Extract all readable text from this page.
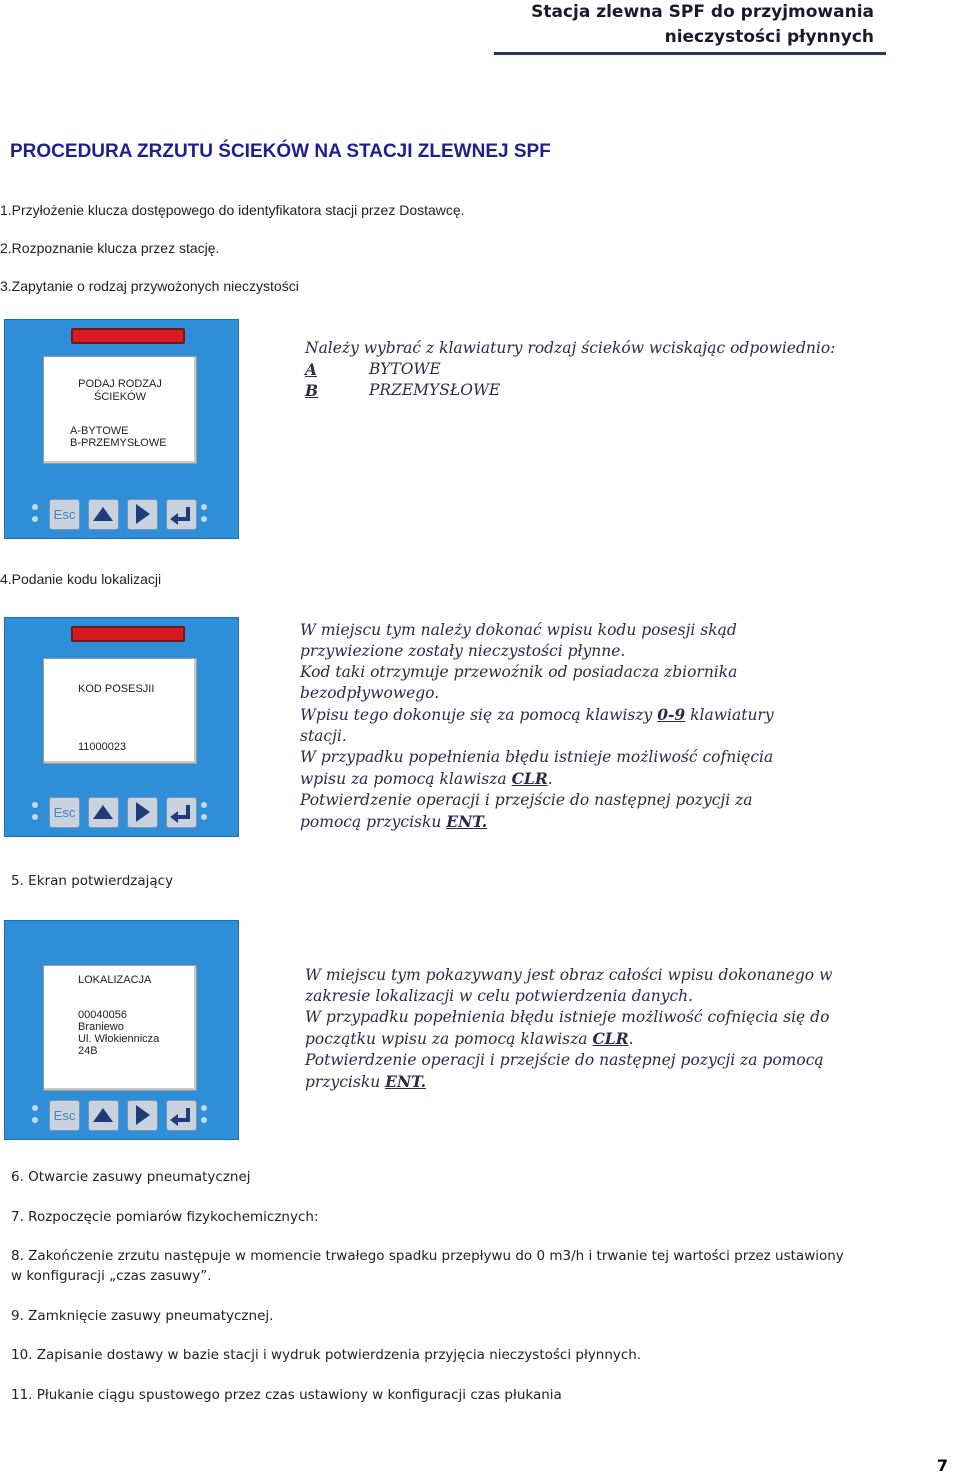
Stacja zlewna SPF do przyjmowania
nieczystości płynnych
PROCEDURA ZRZUTU ŚCIEKÓW NA STACJI ZLEWNEJ SPF
1.Przyłożenie klucza dostępowego do identyfikatora stacji przez Dostawcę.
2.Rozpoznanie klucza przez stację.
3.Zapytanie o rodzaj przywożonych nieczystości
PODAJ RODZAJ
ŚCIEKÓW
A-BYTOWE
B-PRZEMYSŁOWE
Esc
Należy wybrać z klawiatury rodzaj ścieków wciskając odpowiednio:
A	BYTOWE
B	PRZEMYSŁOWE
4.Podanie kodu lokalizacji
KOD POSESJII
11000023
Esc
W miejscu tym należy dokonać wpisu kodu posesji skąd
przywiezione zostały nieczystości płynne.
Kod taki otrzymuje przewoźnik od posiadacza zbiornika
bezodpływowego.
Wpisu tego dokonuje się za pomocą klawiszy 0-9 klawiatury
stacji.
W przypadku popełnienia błędu istnieje możliwość cofnięcia
wpisu za pomocą klawisza CLR.
Potwierdzenie operacji i przejście do następnej pozycji za
pomocą przycisku ENT.
5. Ekran potwierdzający
LOKALIZACJA
00040056
Braniewo
Ul. Włokiennicza
24B
Esc
W miejscu tym pokazywany jest obraz całości wpisu dokonanego w
zakresie lokalizacji w celu potwierdzenia danych.
W przypadku popełnienia błędu istnieje możliwość cofnięcia się do
początku wpisu za pomocą klawisza CLR.
Potwierdzenie operacji i przejście do następnej pozycji za pomocą
przycisku ENT.
6. Otwarcie zasuwy pneumatycznej
7. Rozpoczęcie pomiarów fizykochemicznych:
8. Zakończenie zrzutu następuje w momencie trwałego spadku przepływu do 0 m3/h i trwanie tej wartości przez ustawiony
w konfiguracji „czas zasuwy”.
9. Zamknięcie zasuwy pneumatycznej.
10. Zapisanie dostawy w bazie stacji i wydruk potwierdzenia przyjęcia nieczystości płynnych.
11. Płukanie ciągu spustowego przez czas ustawiony w konfiguracji czas płukania
7
